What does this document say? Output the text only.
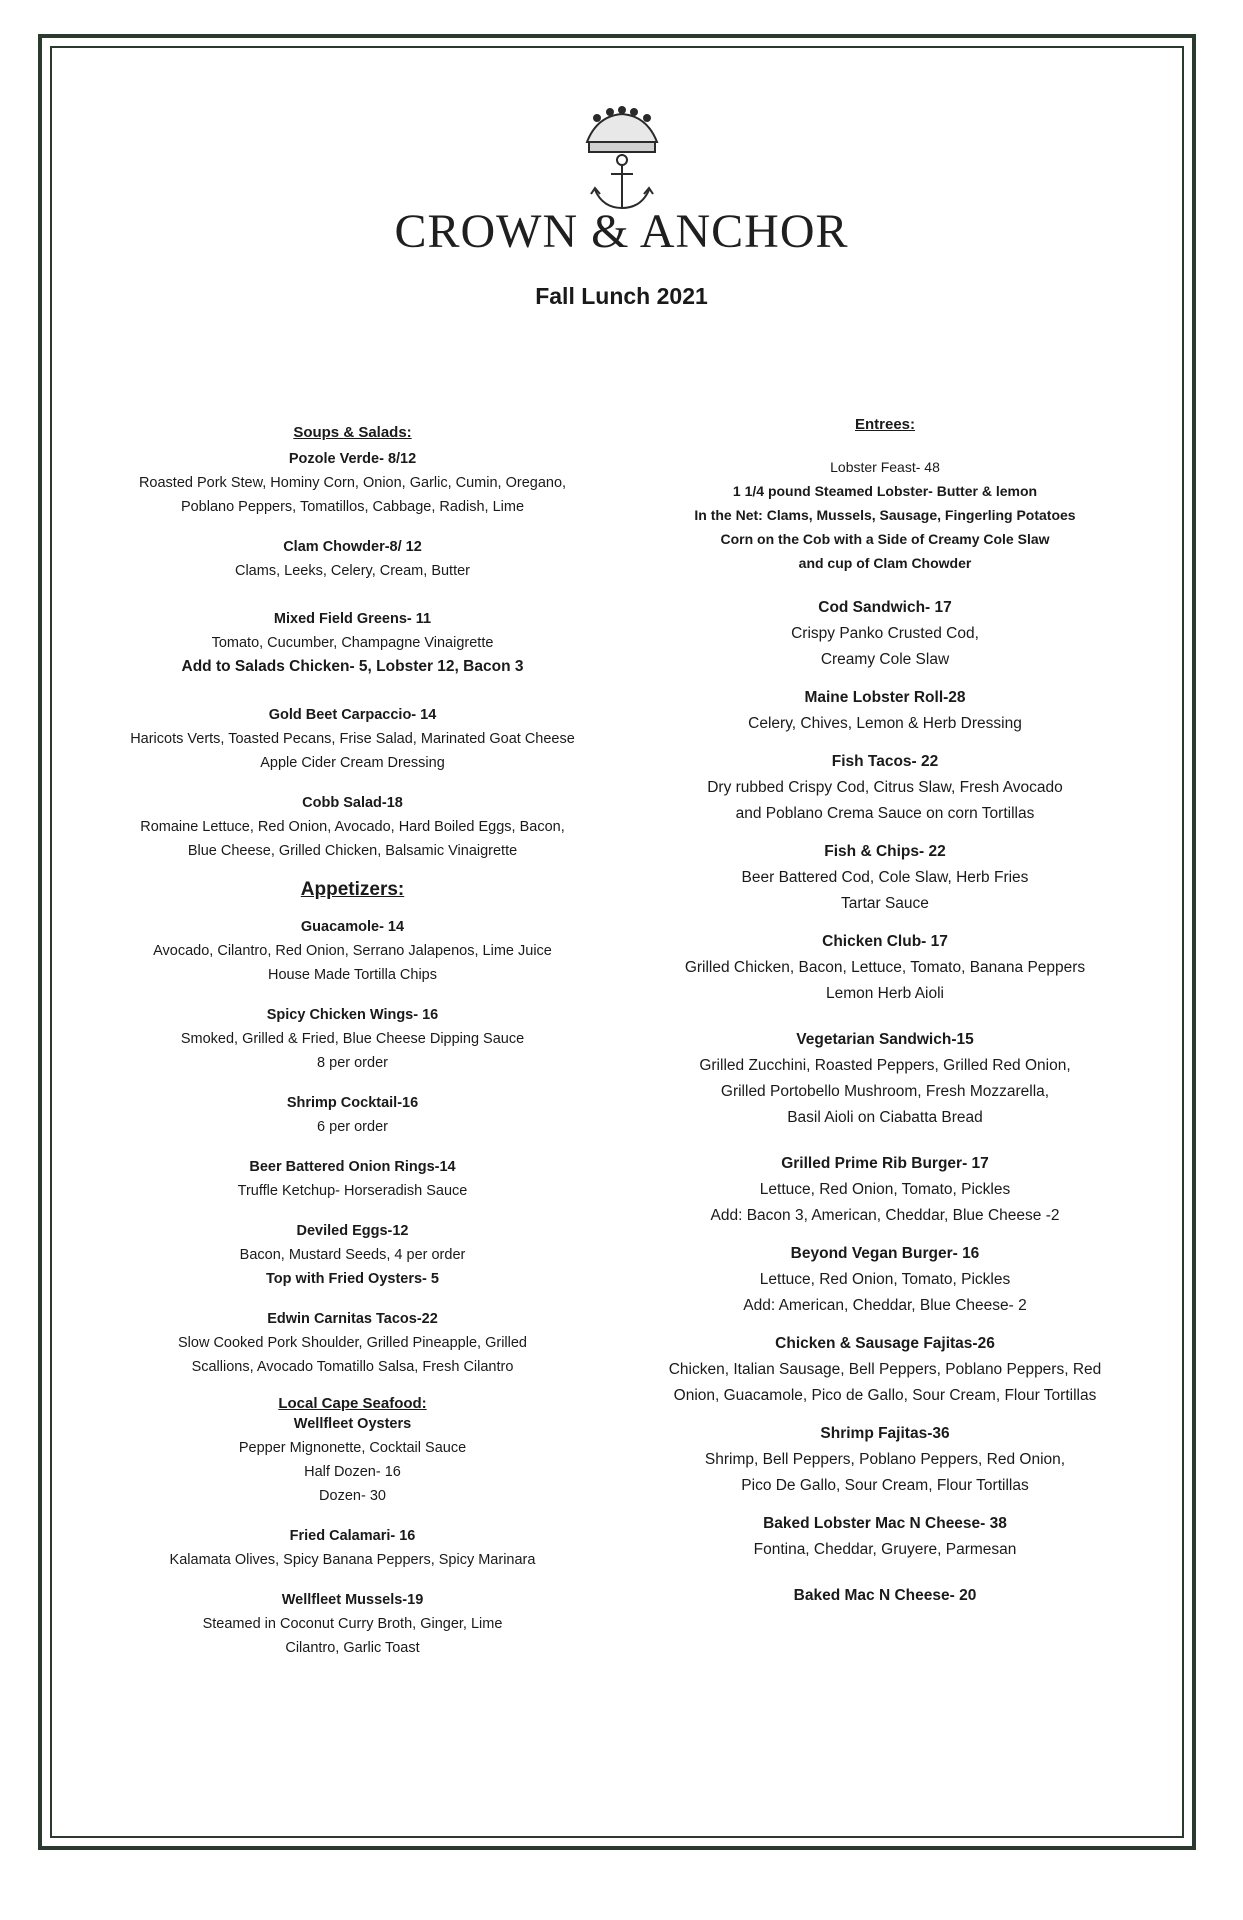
CROWN & ANCHOR
Fall Lunch 2021
Soups & Salads:
Pozole Verde- 8/12
Roasted Pork Stew, Hominy Corn, Onion, Garlic, Cumin, Oregano,
Poblano Peppers, Tomatillos, Cabbage, Radish, Lime
Clam Chowder-8/ 12
Clams, Leeks, Celery, Cream, Butter
Mixed Field Greens- 11
Tomato, Cucumber, Champagne Vinaigrette
Add to Salads Chicken- 5, Lobster 12, Bacon 3
Gold Beet Carpaccio- 14
Haricots Verts, Toasted Pecans, Frise Salad, Marinated Goat Cheese
Apple Cider Cream Dressing
Cobb Salad-18
Romaine Lettuce, Red Onion, Avocado, Hard Boiled Eggs, Bacon,
Blue Cheese, Grilled Chicken, Balsamic Vinaigrette
Appetizers:
Guacamole- 14
Avocado, Cilantro, Red Onion, Serrano Jalapenos, Lime Juice
House Made Tortilla Chips
Spicy Chicken Wings- 16
Smoked, Grilled & Fried, Blue Cheese Dipping Sauce
8 per order
Shrimp Cocktail-16
6 per order
Beer Battered Onion Rings-14
Truffle Ketchup- Horseradish Sauce
Deviled Eggs-12
Bacon, Mustard Seeds, 4 per order
Top with Fried Oysters- 5
Edwin Carnitas Tacos-22
Slow Cooked Pork Shoulder, Grilled Pineapple, Grilled
Scallions, Avocado Tomatillo Salsa, Fresh Cilantro
Local Cape Seafood:
Wellfleet Oysters
Pepper Mignonette, Cocktail Sauce
Half Dozen- 16
Dozen- 30
Fried Calamari- 16
Kalamata Olives, Spicy Banana Peppers, Spicy Marinara
Wellfleet Mussels-19
Steamed in Coconut Curry Broth, Ginger, Lime
Cilantro, Garlic Toast
Entrees:
Lobster Feast- 48
1 1/4 pound Steamed Lobster- Butter & lemon
In the Net: Clams, Mussels, Sausage, Fingerling Potatoes
Corn on the Cob with a Side of Creamy Cole Slaw
and cup of Clam Chowder
Cod Sandwich- 17
Crispy Panko Crusted Cod,
Creamy Cole Slaw
Maine Lobster Roll-28
Celery, Chives, Lemon & Herb Dressing
Fish Tacos- 22
Dry rubbed Crispy Cod, Citrus Slaw, Fresh Avocado
and Poblano Crema Sauce on corn Tortillas
Fish & Chips- 22
Beer Battered Cod, Cole Slaw, Herb Fries
Tartar Sauce
Chicken Club- 17
Grilled Chicken, Bacon, Lettuce, Tomato, Banana Peppers
Lemon Herb Aioli
Vegetarian Sandwich-15
Grilled Zucchini, Roasted Peppers, Grilled Red Onion,
Grilled Portobello Mushroom, Fresh Mozzarella,
Basil Aioli on Ciabatta Bread
Grilled Prime Rib Burger- 17
Lettuce, Red Onion, Tomato, Pickles
Add: Bacon 3, American, Cheddar, Blue Cheese -2
Beyond Vegan Burger- 16
Lettuce, Red Onion, Tomato, Pickles
Add: American, Cheddar, Blue Cheese- 2
Chicken & Sausage Fajitas-26
Chicken, Italian Sausage, Bell Peppers, Poblano Peppers, Red
Onion, Guacamole, Pico de Gallo, Sour Cream, Flour Tortillas
Shrimp Fajitas-36
Shrimp, Bell Peppers, Poblano Peppers, Red Onion,
Pico De Gallo, Sour Cream, Flour Tortillas
Baked Lobster Mac N Cheese- 38
Fontina, Cheddar, Gruyere, Parmesan
Baked Mac N Cheese- 20
